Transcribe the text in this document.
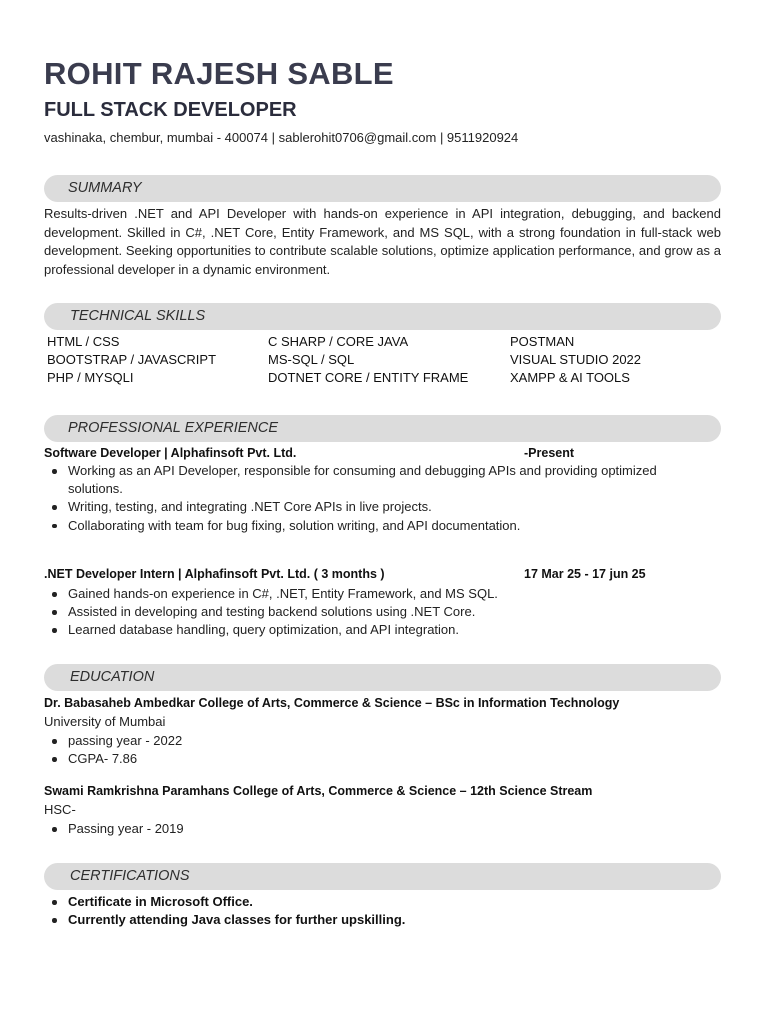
ROHIT RAJESH SABLE
FULL STACK DEVELOPER
vashinaka, chembur, mumbai - 400074 | sablerohit0706@gmail.com | 9511920924
SUMMARY
Results-driven .NET and API Developer with hands-on experience in API integration, debugging, and backend development. Skilled in C#, .NET Core, Entity Framework, and MS SQL, with a strong foundation in full-stack web development. Seeking opportunities to contribute scalable solutions, optimize application performance, and grow as a professional developer in a dynamic environment.
TECHNICAL SKILLS
HTML / CSS
BOOTSTRAP / JAVASCRIPT
PHP / MYSQLI
C SHARP / CORE JAVA
MS-SQL / SQL
DOTNET CORE / ENTITY FRAME
POSTMAN
VISUAL STUDIO 2022
XAMPP & AI TOOLS
PROFESSIONAL EXPERIENCE
Software Developer | Alphafinsoft Pvt. Ltd.	-Present
Working as an API Developer, responsible for consuming and debugging APIs and providing optimized solutions.
Writing, testing, and integrating .NET Core APIs in live projects.
Collaborating with team for bug fixing, solution writing, and API documentation.
.NET Developer Intern | Alphafinsoft Pvt. Ltd. ( 3 months )	17 Mar 25 - 17 jun 25
Gained hands-on experience in C#, .NET, Entity Framework, and MS SQL.
Assisted in developing and testing backend solutions using .NET Core.
Learned database handling, query optimization, and API integration.
EDUCATION
Dr. Babasaheb Ambedkar College of Arts, Commerce & Science – BSc in Information Technology
University of Mumbai
passing year - 2022
CGPA- 7.86
Swami Ramkrishna Paramhans College of Arts, Commerce & Science – 12th Science Stream
HSC-
Passing year - 2019
CERTIFICATIONS
Certificate in Microsoft Office.
Currently attending Java classes for further upskilling.
